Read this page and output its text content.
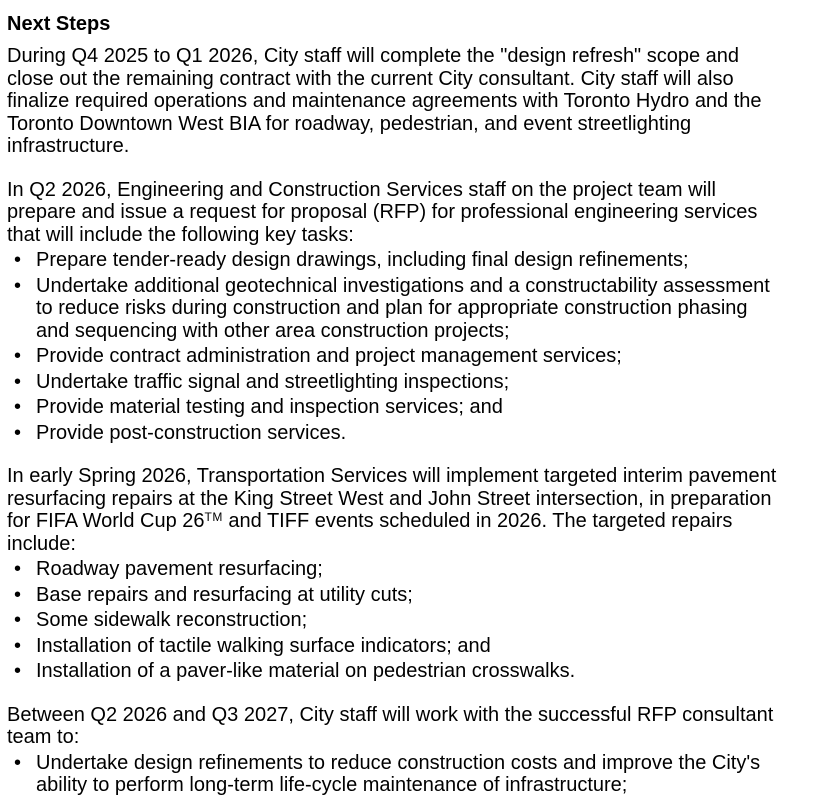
Next Steps

During Q4 2025 to Q1 2026, City staff will complete the "design refresh" scope and close out the remaining contract with the current City consultant. City staff will also finalize required operations and maintenance agreements with Toronto Hydro and the Toronto Downtown West BIA for roadway, pedestrian, and event streetlighting infrastructure.

In Q2 2026, Engineering and Construction Services staff on the project team will prepare and issue a request for proposal (RFP) for professional engineering services that will include the following key tasks:

• Prepare tender-ready design drawings, including final design refinements;
• Undertake additional geotechnical investigations and a constructability assessment to reduce risks during construction and plan for appropriate construction phasing and sequencing with other area construction projects;
• Provide contract administration and project management services;
• Undertake traffic signal and streetlighting inspections;
• Provide material testing and inspection services; and
• Provide post-construction services.

In early Spring 2026, Transportation Services will implement targeted interim pavement resurfacing repairs at the King Street West and John Street intersection, in preparation for FIFA World Cup 26™ and TIFF events scheduled in 2026. The targeted repairs include:

• Roadway pavement resurfacing;
• Base repairs and resurfacing at utility cuts;
• Some sidewalk reconstruction;
• Installation of tactile walking surface indicators; and
• Installation of a paver-like material on pedestrian crosswalks.

Between Q2 2026 and Q3 2027, City staff will work with the successful RFP consultant team to:

• Undertake design refinements to reduce construction costs and improve the City's ability to perform long-term life-cycle maintenance of infrastructure;
